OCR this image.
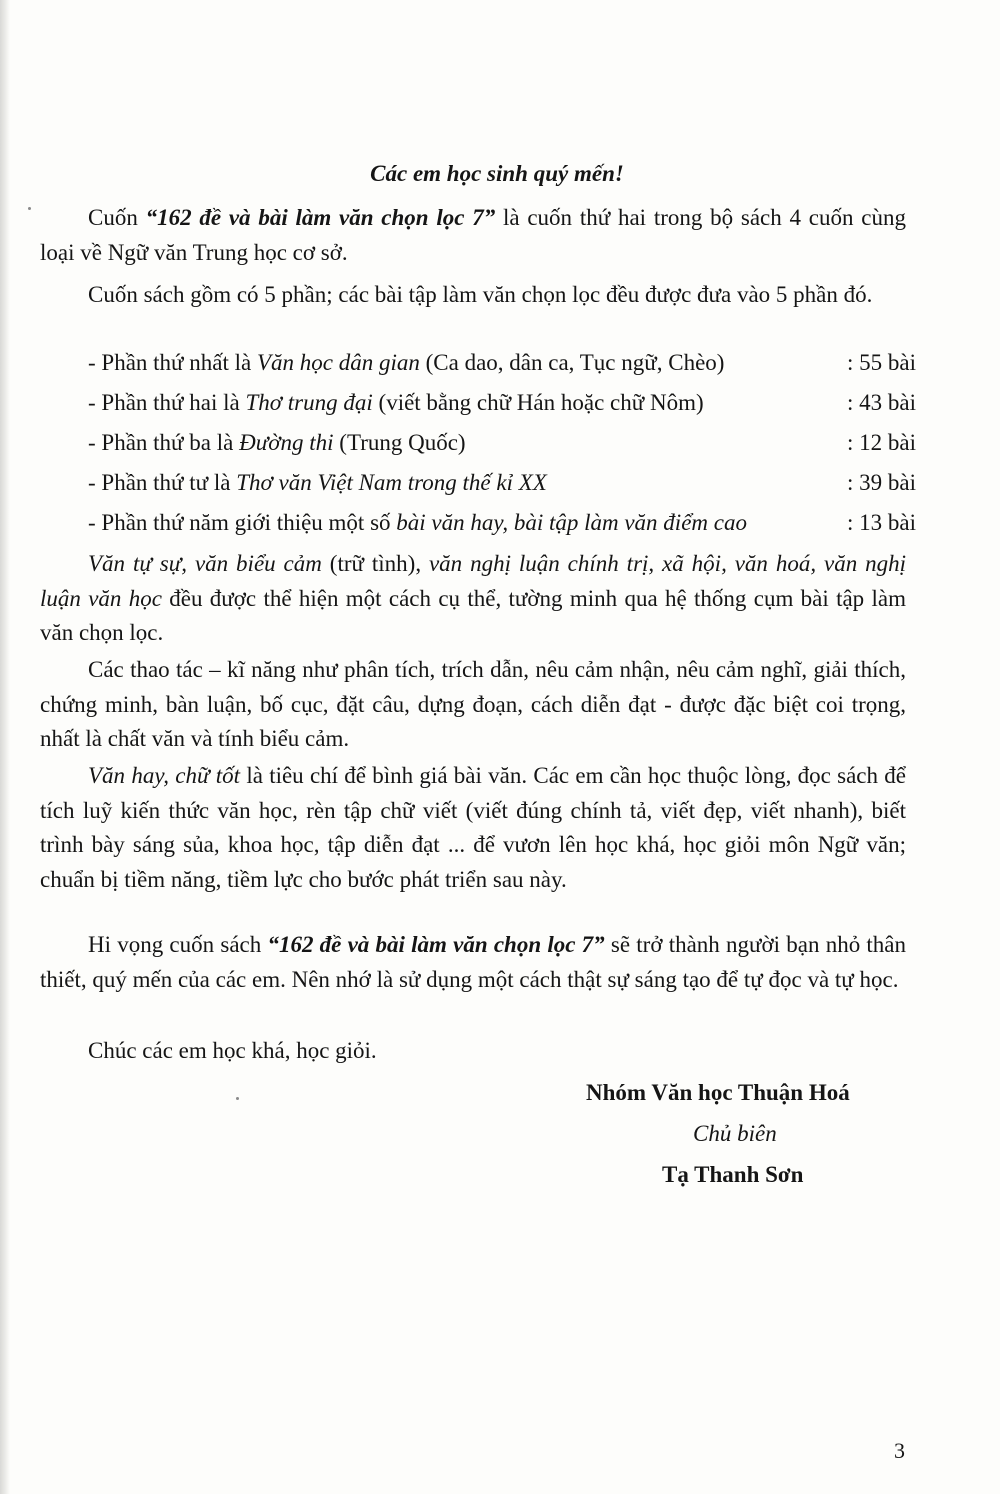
Các em học sinh quý mến!

Cuốn “162 đề và bài làm văn chọn lọc 7” là cuốn thứ hai trong bộ sách 4 cuốn cùng loại về Ngữ văn Trung học cơ sở.

Cuốn sách gồm có 5 phần; các bài tập làm văn chọn lọc đều được đưa vào 5 phần đó.

- Phần thứ nhất là Văn học dân gian (Ca dao, dân ca, Tục ngữ, Chèo)	: 55 bài
- Phần thứ hai là Thơ trung đại (viết bằng chữ Hán hoặc chữ Nôm)	: 43 bài
- Phần thứ ba là Đường thi (Trung Quốc)	: 12 bài
- Phần thứ tư là Thơ văn Việt Nam trong thế kỉ XX	: 39 bài
- Phần thứ năm giới thiệu một số bài văn hay, bài tập làm văn điểm cao	: 13 bài

Văn tự sự, văn biểu cảm (trữ tình), văn nghị luận chính trị, xã hội, văn hoá, văn nghị luận văn học đều được thể hiện một cách cụ thể, tường minh qua hệ thống cụm bài tập làm văn chọn lọc.

Các thao tác – kĩ năng như phân tích, trích dẫn, nêu cảm nhận, nêu cảm nghĩ, giải thích, chứng minh, bàn luận, bố cục, đặt câu, dựng đoạn, cách diễn đạt - được đặc biệt coi trọng, nhất là chất văn và tính biểu cảm.

Văn hay, chữ tốt là tiêu chí để bình giá bài văn. Các em cần học thuộc lòng, đọc sách để tích luỹ kiến thức văn học, rèn tập chữ viết (viết đúng chính tả, viết đẹp, viết nhanh), biết trình bày sáng sủa, khoa học, tập diễn đạt ... để vươn lên học khá, học giỏi môn Ngữ văn; chuẩn bị tiềm năng, tiềm lực cho bước phát triển sau này.

Hi vọng cuốn sách “162 đề và bài làm văn chọn lọc 7” sẽ trở thành người bạn nhỏ thân thiết, quý mến của các em. Nên nhớ là sử dụng một cách thật sự sáng tạo để tự đọc và tự học.

Chúc các em học khá, học giỏi.

Nhóm Văn học Thuận Hoá
Chủ biên
Tạ Thanh Sơn
3
